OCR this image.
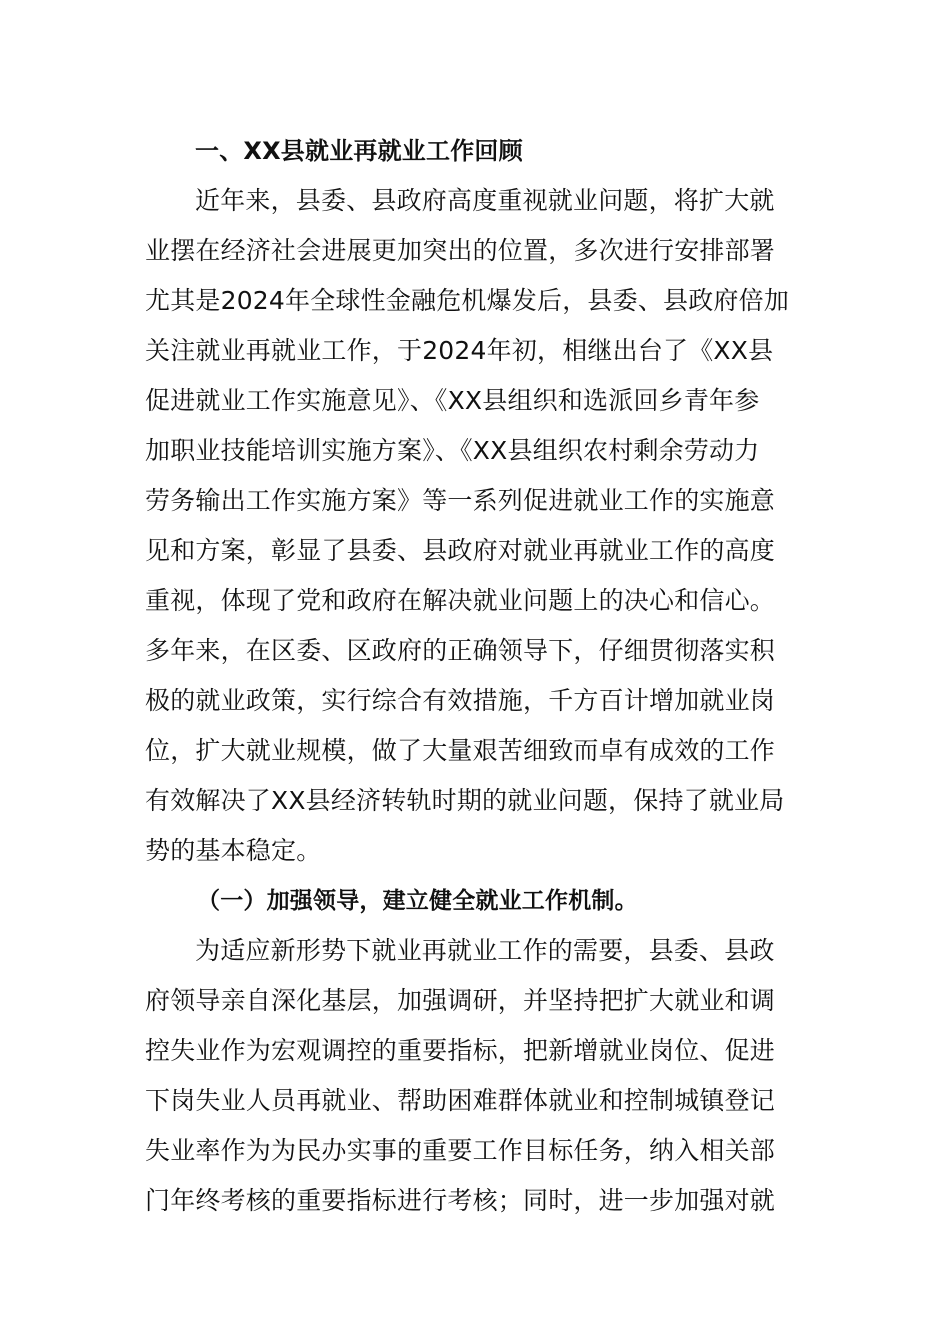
一、XX县就业再就业工作回顾
近年来，县委、县政府高度重视就业问题，将扩大就
业摆在经济社会进展更加突出的位置，多次进行安排部署
尤其是2024年全球性金融危机爆发后，县委、县政府倍加
关注就业再就业工作，于2024年初，相继出台了《XX县
促进就业工作实施意见》、《XX县组织和选派回乡青年参
加职业技能培训实施方案》、《XX县组织农村剩余劳动力
劳务输出工作实施方案》等一系列促进就业工作的实施意
见和方案，彰显了县委、县政府对就业再就业工作的高度
重视，体现了党和政府在解决就业问题上的决心和信心。
多年来，在区委、区政府的正确领导下，仔细贯彻落实积
极的就业政策，实行综合有效措施，千方百计增加就业岗
位，扩大就业规模，做了大量艰苦细致而卓有成效的工作
有效解决了XX县经济转轨时期的就业问题，保持了就业局
势的基本稳定。
（一）加强领导，建立健全就业工作机制。
为适应新形势下就业再就业工作的需要，县委、县政
府领导亲自深化基层，加强调研，并坚持把扩大就业和调
控失业作为宏观调控的重要指标，把新增就业岗位、促进
下岗失业人员再就业、帮助困难群体就业和控制城镇登记
失业率作为为民办实事的重要工作目标任务，纳入相关部
门年终考核的重要指标进行考核；同时，进一步加强对就
